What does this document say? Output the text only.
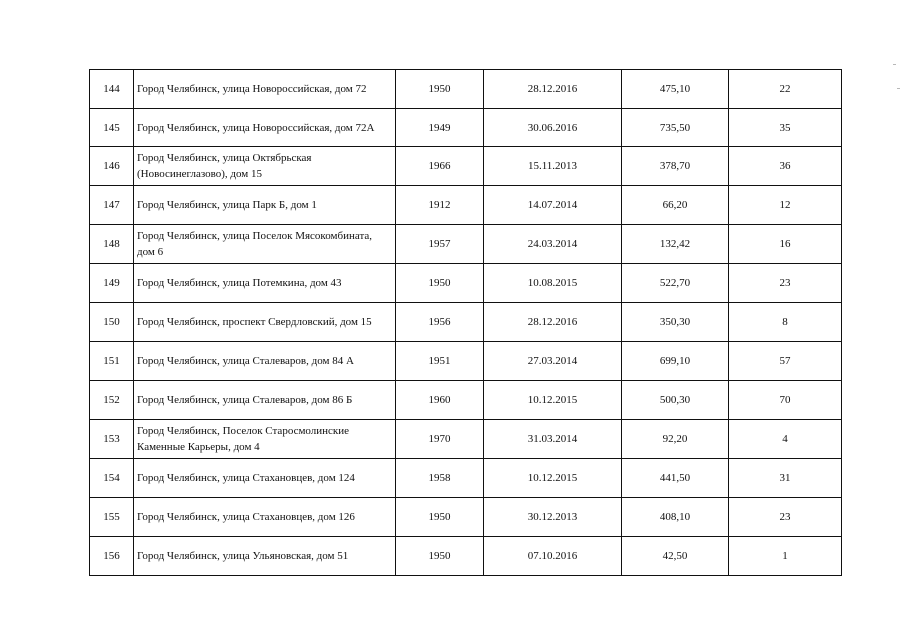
144	Город Челябинск, улица Новороссийская, дом 72	1950	28.12.2016	475,10	22
145	Город Челябинск, улица Новороссийская, дом 72А	1949	30.06.2016	735,50	35
146	Город Челябинск, улица Октябрьская (Новосинеглазово), дом 15	1966	15.11.2013	378,70	36
147	Город Челябинск, улица Парк Б, дом 1	1912	14.07.2014	66,20	12
148	Город Челябинск, улица Поселок Мясокомбината, дом 6	1957	24.03.2014	132,42	16
149	Город Челябинск, улица Потемкина, дом 43	1950	10.08.2015	522,70	23
150	Город Челябинск, проспект Свердловский, дом 15	1956	28.12.2016	350,30	8
151	Город Челябинск, улица Сталеваров, дом 84 А	1951	27.03.2014	699,10	57
152	Город Челябинск, улица Сталеваров, дом 86 Б	1960	10.12.2015	500,30	70
153	Город Челябинск, Поселок Старосмолинские Каменные Карьеры, дом 4	1970	31.03.2014	92,20	4
154	Город Челябинск, улица Стахановцев, дом 124	1958	10.12.2015	441,50	31
155	Город Челябинск, улица Стахановцев, дом 126	1950	30.12.2013	408,10	23
156	Город Челябинск, улица Ульяновская, дом 51	1950	07.10.2016	42,50	1
